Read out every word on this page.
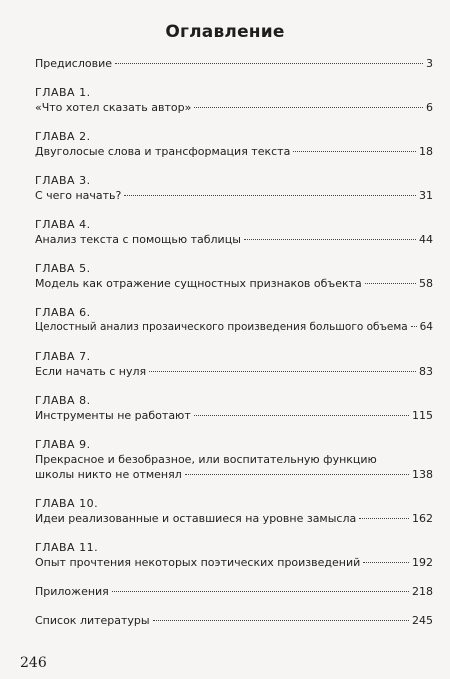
Оглавление
Предисловие	3
ГЛАВА 1.
«Что хотел сказать автор»	6
ГЛАВА 2.
Двуголосые слова и трансформация текста	18
ГЛАВА 3.
С чего начать?	31
ГЛАВА 4.
Анализ текста с помощью таблицы	44
ГЛАВА 5.
Модель как отражение сущностных признаков объекта	58
ГЛАВА 6.
Целостный анализ прозаического произведения большого объема 64
ГЛАВА 7.
Если начать с нуля	83
ГЛАВА 8.
Инструменты не работают	115
ГЛАВА 9.
Прекрасное и безобразное, или воспитательную функцию
школы никто не отменял	138
ГЛАВА 10.
Идеи реализованные и оставшиеся на уровне замысла	162
ГЛАВА 11.
Опыт прочтения некоторых поэтических произведений	192
Приложения	218
Список литературы	245
246
